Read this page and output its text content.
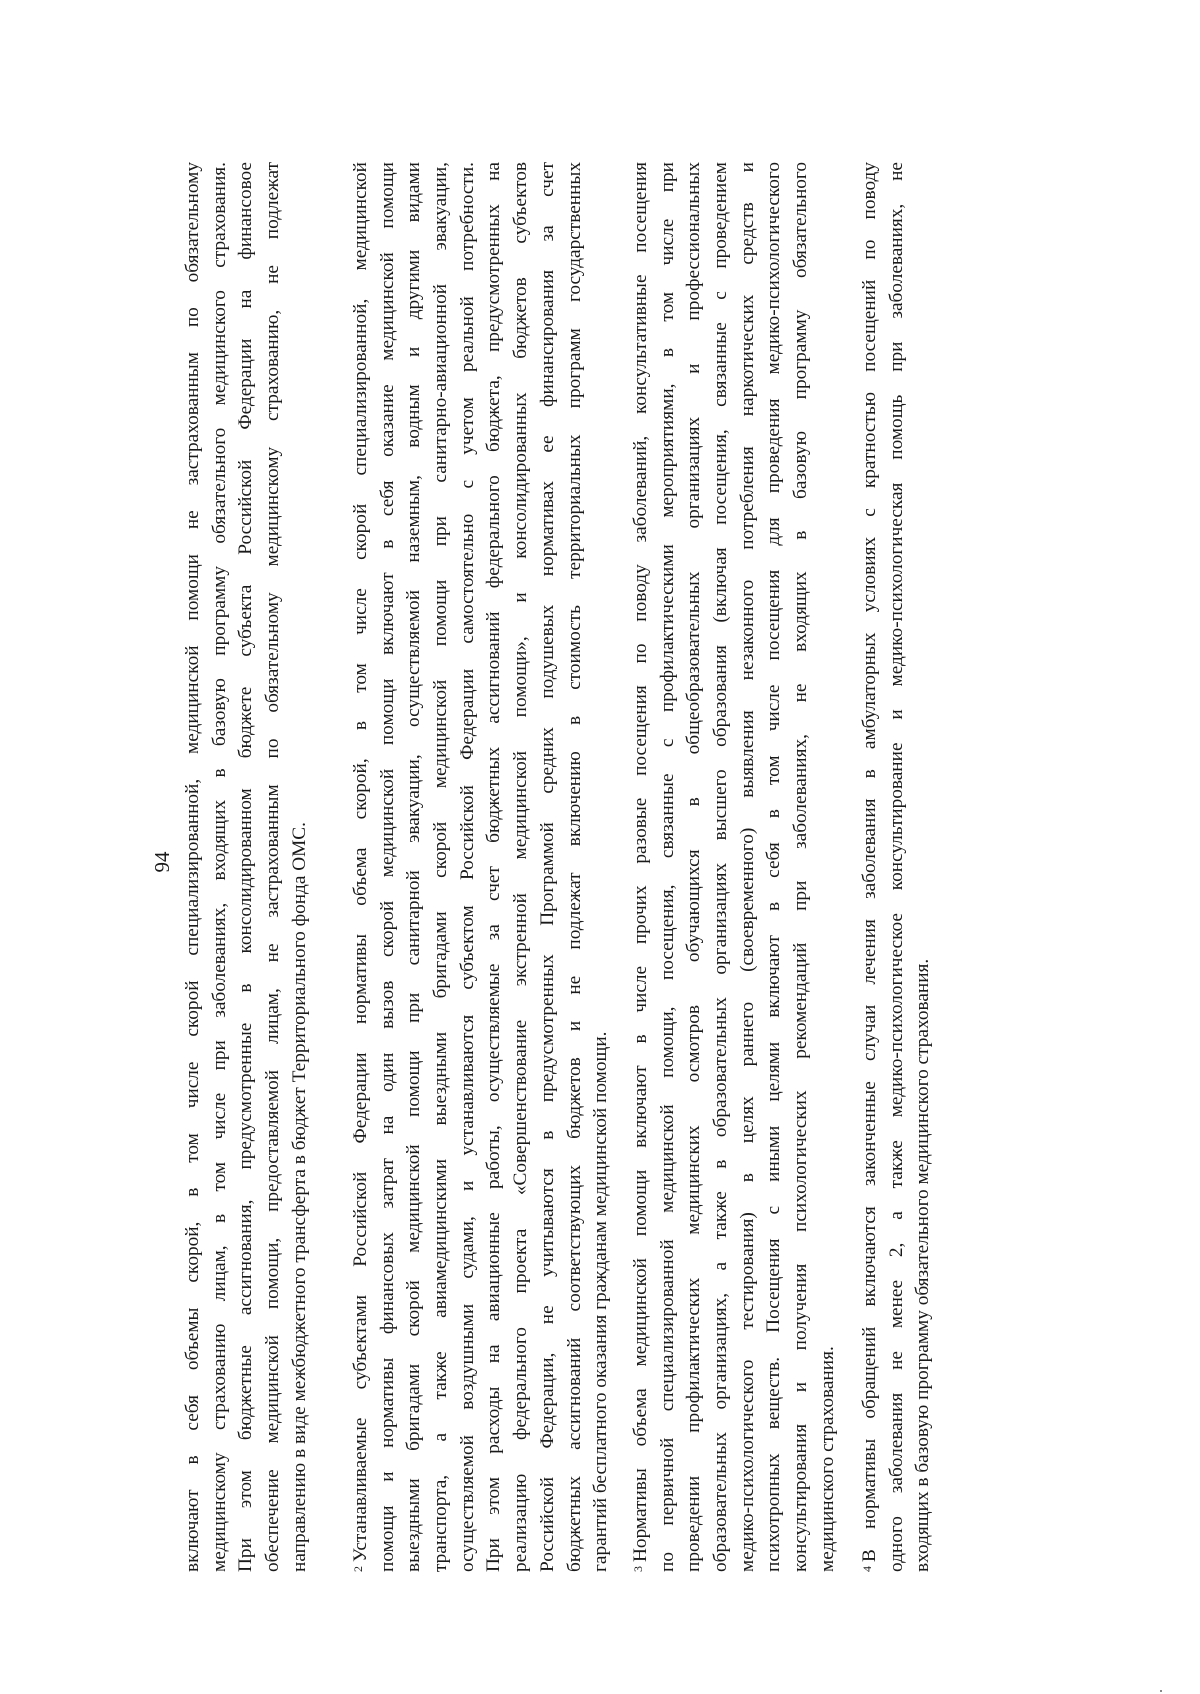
94 включают в себя объемы скорой, в том числе скорой специализированной, медицинской помощи не застрахованным по обязательному медицинскому страхованию лицам, в том числе при заболеваниях, входящих в базовую программу обязательного медицинского страхования. При этом бюджетные ассигнования, предусмотренные в консолидированном бюджете субъекта Российской Федерации на финансовое обеспечение медицинской помощи, предоставляемой лицам, не застрахованным по обязательному медицинскому страхованию, не подлежат направлению в виде межбюджетного трансферта в бюджет Территориального фонда ОМС.	$^2$Устанавливаемые субъектами Российской Федерации нормативы объема скорой, в том числе скорой специализированной, медицинской помощи и нормативы финансовых затрат на один вызов скорой медицинской помощи включают в себя оказание медицинской помощи выездными бригадами скорой медицинской помощи при санитарной эвакуации, осуществляемой наземным, водным и другими видами транспорта, а также авиамедицинскими выездными бригадами скорой медицинской помощи при санитарно-авиационной эвакуации, осуществляемой воздушными судами, и устанавливаются субъектом Российской Федерации самостоятельно с учетом реальной потребности. При этом расходы на авиационные работы, осуществляемые за счет бюджетных ассигнований федерального бюджета, предусмотренных на реализацию федерального проекта «Совершенствование экстренной медицинской помощи», и консолидированных бюджетов субъектов Российской Федерации, не учитываются в предусмотренных Программой средних подушевых нормативах ее финансирования за счет бюджетных ассигнований соответствующих бюджетов и не подлежат включению в стоимость территориальных программ государственных гарантий бесплатного оказания гражданам медицинской помощи.	$^3$Нормативы объема медицинской помощи включают в числе прочих разовые посещения по поводу заболеваний, консультативные посещения по первичной специализированной медицинской помощи, посещения, связанные с профилактическими мероприятиями, в том числе при проведении профилактических медицинских осмотров обучающихся в общеобразовательных организациях и профессиональных образовательных организациях, а также в образовательных организациях высшего образования (включая посещения, связанные с проведением медико-психологического тестирования) в целях раннего (своевременного) выявления незаконного потребления наркотических средств и психотропных веществ. Посещения с иными целями включают в себя в том числе посещения для проведения медико-психологического консультирования и получения психологических рекомендаций при заболеваниях, не входящих в базовую программу обязательного медицинского страхования.	$^4$В нормативы обращений включаются законченные случаи лечения заболевания в амбулаторных условиях с кратностью посещений по поводу одного заболевания не менее 2, а также медико-психологическое консультирование и медико-психологическая помощь при заболеваниях, не входящих в базовую программу обязательного медицинского страхования.
